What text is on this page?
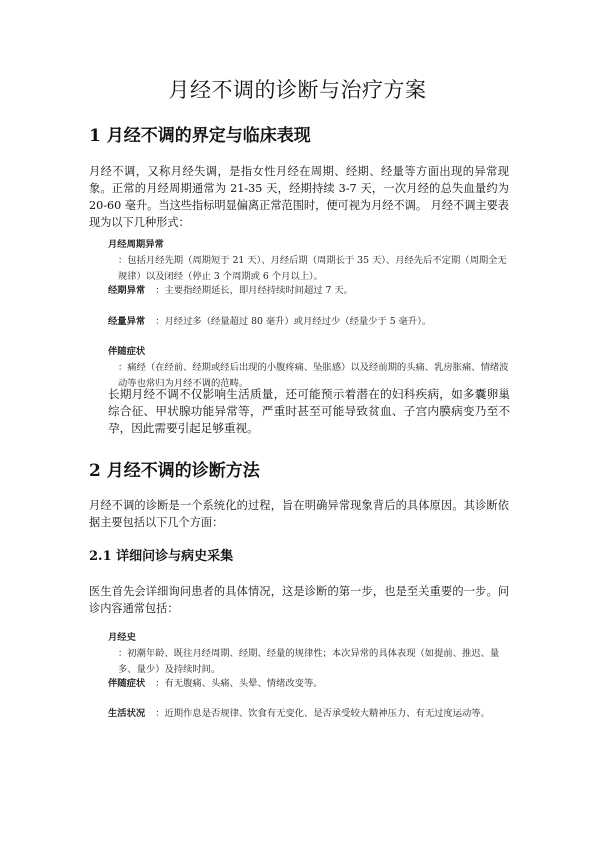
月经不调的诊断与治疗方案
1 月经不调的界定与临床表现
月经不调，又称月经失调，是指女性月经在周期、经期、经量等方面出现的异常现象。正常的月经周期通常为 21-35 天，经期持续 3-7 天，一次月经的总失血量约为 20-60 毫升。当这些指标明显偏离正常范围时，便可视为月经不调。 月经不调主要表现为以下几种形式：
月经周期异常：包括月经先期（周期短于 21 天）、月经后期（周期长于 35 天）、月经先后不定期（周期全无规律）以及闭经（停止 3 个周期或 6 个月以上）。
经期异常 ：主要指经期延长，即月经持续时间超过 7 天。
经量异常 ：月经过多（经量超过 80 毫升）或月经过少（经量少于 5 毫升）。
伴随症状：痛经（在经前、经期或经后出现的小腹疼痛、坠胀感）以及经前期的头痛、乳房胀痛、情绪波动等也常归为月经不调的范畴。
长期月经不调不仅影响生活质量，还可能预示着潜在的妇科疾病，如多囊卵巢综合征、甲状腺功能异常等，严重时甚至可能导致贫血、子宫内膜病变乃至不孕，因此需要引起足够重视。
2 月经不调的诊断方法
月经不调的诊断是一个系统化的过程，旨在明确异常现象背后的具体原因。其诊断依据主要包括以下几个方面：
2.1 详细问诊与病史采集
医生首先会详细询问患者的具体情况，这是诊断的第一步，也是至关重要的一步。问诊内容通常包括：
月经史：初潮年龄、既往月经周期、经期、经量的规律性；本次异常的具体表现（如提前、推迟、量多、量少）及持续时间。
伴随症状 ：有无腹痛、头痛、头晕、情绪改变等。
生活状况 ：近期作息是否规律、饮食有无变化、是否承受较大精神压力、有无过度运动等。
